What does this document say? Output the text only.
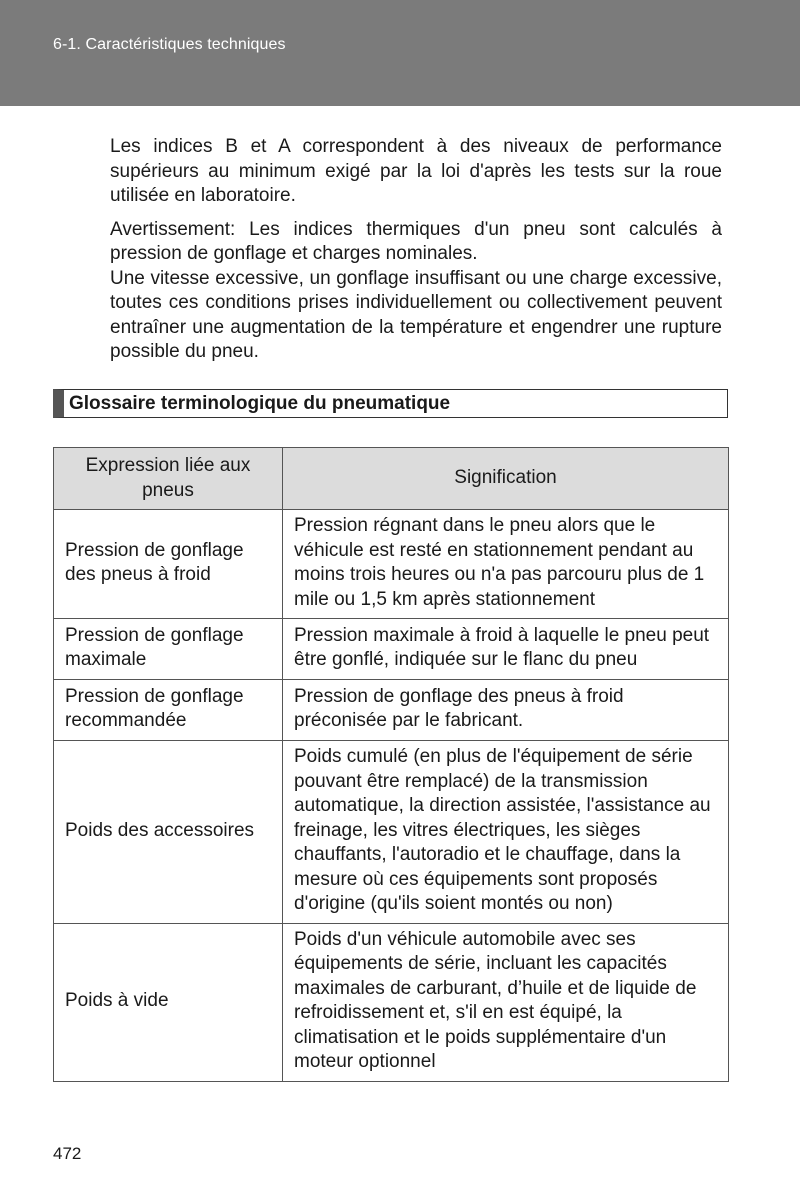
6-1. Caractéristiques techniques

Les indices B et A correspondent à des niveaux de performance supérieurs au minimum exigé par la loi d'après les tests sur la roue utilisée en laboratoire.

Avertissement: Les indices thermiques d'un pneu sont calculés à pression de gonflage et charges nominales.

Une vitesse excessive, un gonflage insuffisant ou une charge excessive, toutes ces conditions prises individuellement ou collectivement peuvent entraîner une augmentation de la température et engendrer une rupture possible du pneu.

Glossaire terminologique du pneumatique
Expression liée aux pneus	Signification
Pression de gonflage des pneus à froid	Pression régnant dans le pneu alors que le véhicule est resté en stationnement pendant au moins trois heures ou n'a pas parcouru plus de 1 mile ou 1,5 km après stationnement
Pression de gonflage maximale	Pression maximale à froid à laquelle le pneu peut être gonflé, indiquée sur le flanc du pneu
Pression de gonflage recommandée	Pression de gonflage des pneus à froid préconisée par le fabricant.
Poids des accessoires	Poids cumulé (en plus de l'équipement de série pouvant être remplacé) de la transmission automatique, la direction assistée, l'assistance au freinage, les vitres électriques, les sièges chauffants, l'autoradio et le chauffage, dans la mesure où ces équipements sont proposés d'origine (qu'ils soient montés ou non)
Poids à vide	Poids d'un véhicule automobile avec ses équipements de série, incluant les capacités maximales de carburant, d’huile et de liquide de refroidissement et, s'il en est équipé, la climatisation et le poids supplémentaire d'un moteur optionnel
472
